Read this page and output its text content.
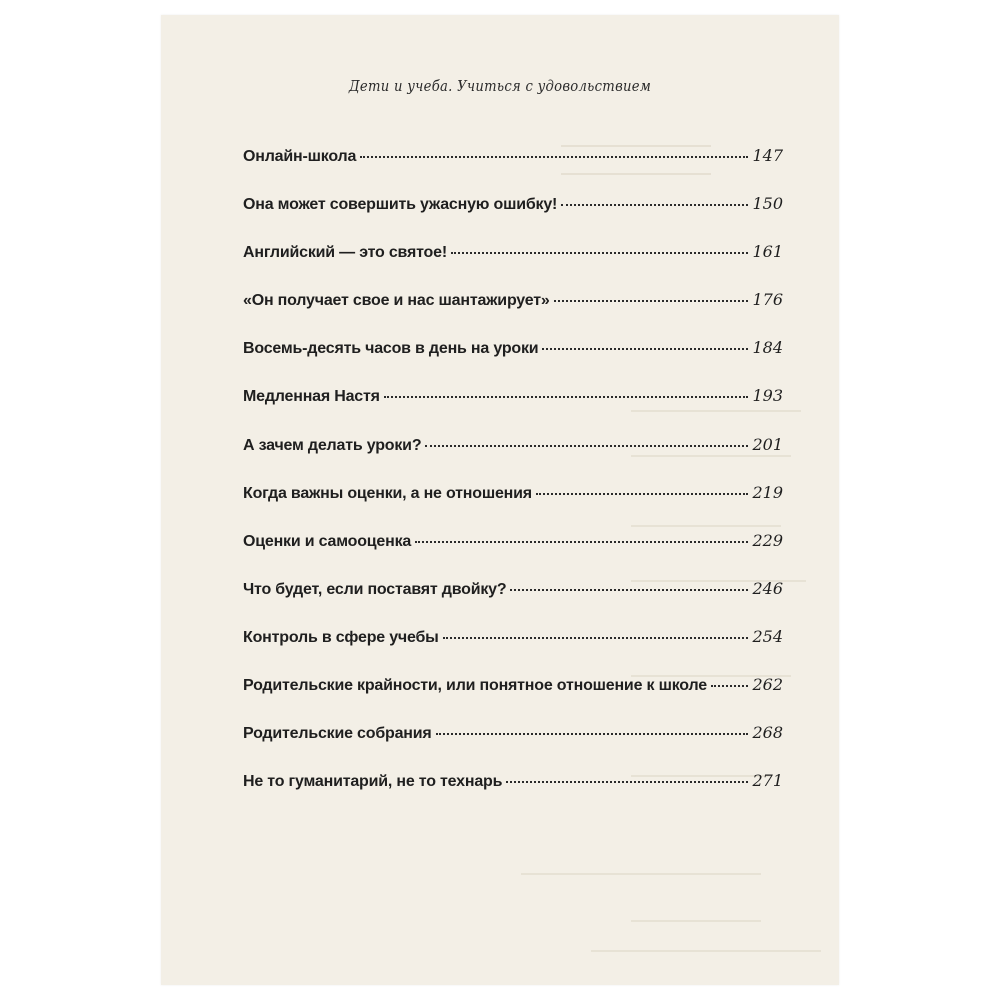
Дети и учеба. Учиться с удовольствием
Онлайн-школа	147
Она может совершить ужасную ошибку!	150
Английский — это святое!	161
«Он получает свое и нас шантажирует»	176
Восемь-десять часов в день на уроки	184
Медленная Настя	193
А зачем делать уроки?	201
Когда важны оценки, а не отношения	219
Оценки и самооценка	229
Что будет, если поставят двойку?	246
Контроль в сфере учебы	254
Родительские крайности, или понятное отношение к школе	262
Родительские собрания	268
Не то гуманитарий, не то технарь	271
